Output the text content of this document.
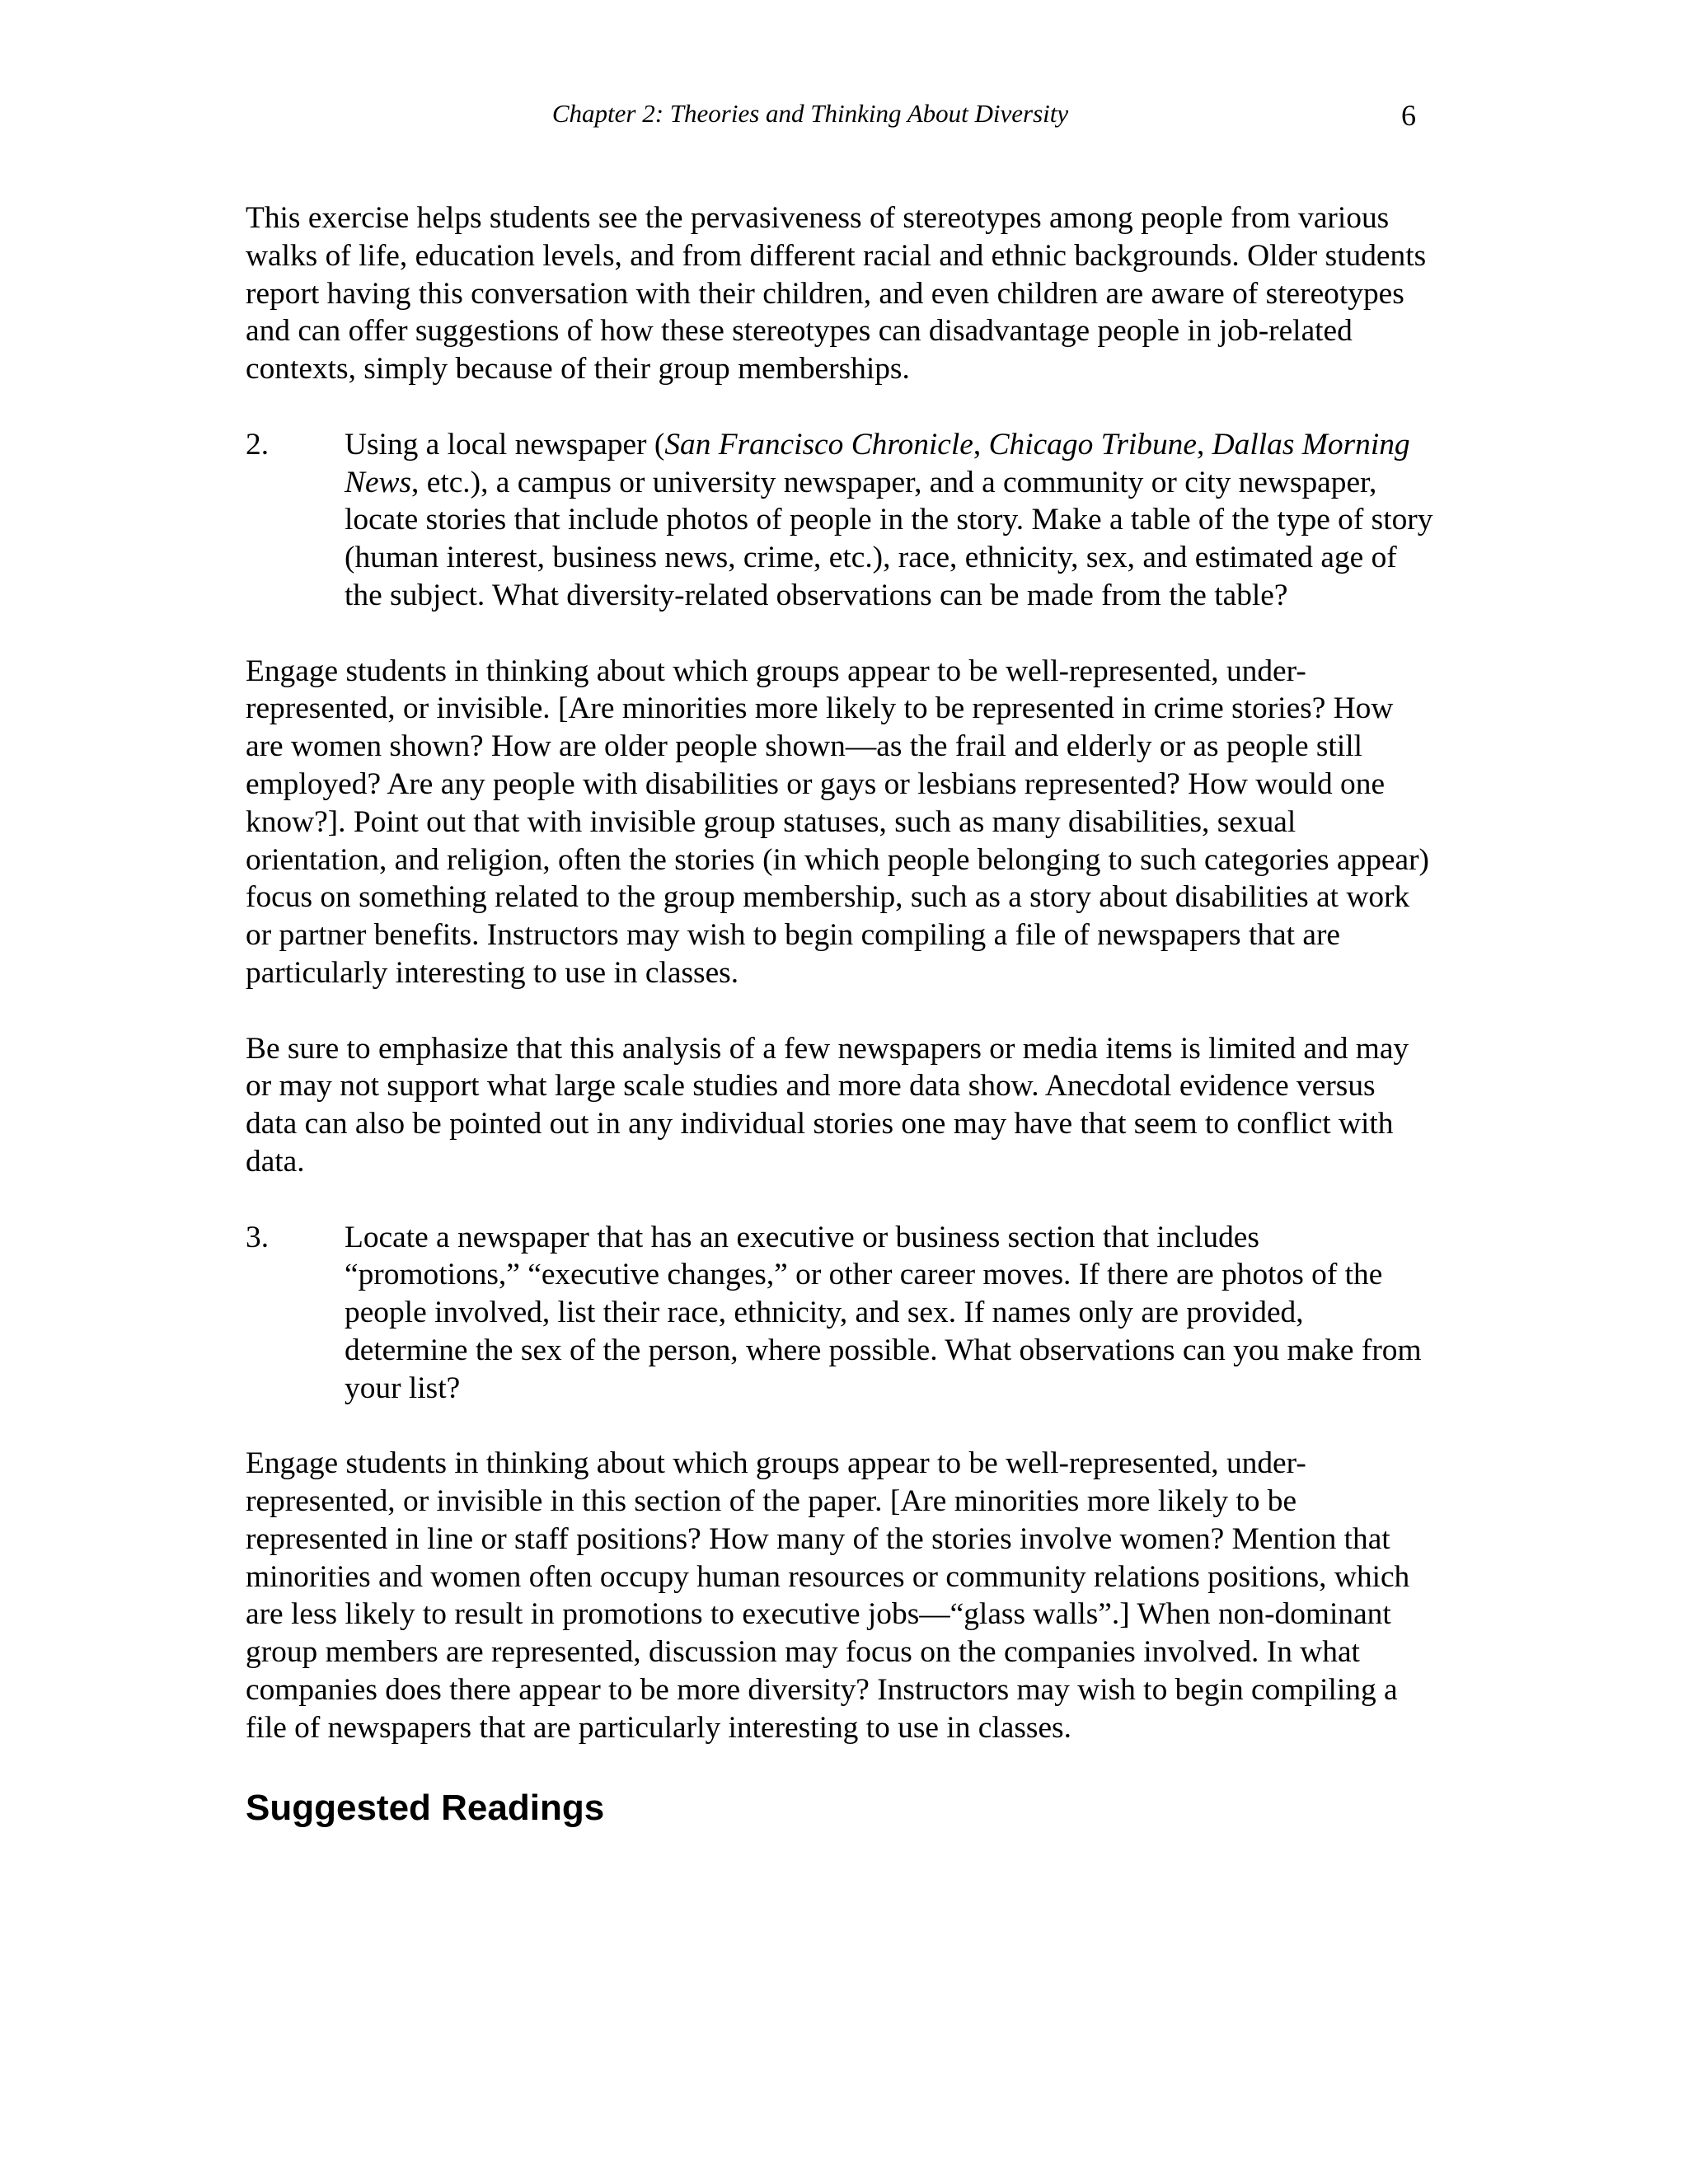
Chapter 2: Theories and Thinking About Diversity	6

This exercise helps students see the pervasiveness of stereotypes among people from various walks of life, education levels, and from different racial and ethnic backgrounds. Older students report having this conversation with their children, and even children are aware of stereotypes and can offer suggestions of how these stereotypes can disadvantage people in job-related contexts, simply because of their group memberships.

2.	Using a local newspaper (San Francisco Chronicle, Chicago Tribune, Dallas Morning News, etc.), a campus or university newspaper, and a community or city newspaper, locate stories that include photos of people in the story. Make a table of the type of story (human interest, business news, crime, etc.), race, ethnicity, sex, and estimated age of the subject. What diversity-related observations can be made from the table?

Engage students in thinking about which groups appear to be well-represented, under-represented, or invisible. [Are minorities more likely to be represented in crime stories? How are women shown? How are older people shown—as the frail and elderly or as people still employed? Are any people with disabilities or gays or lesbians represented? How would one know?]. Point out that with invisible group statuses, such as many disabilities, sexual orientation, and religion, often the stories (in which people belonging to such categories appear) focus on something related to the group membership, such as a story about disabilities at work or partner benefits. Instructors may wish to begin compiling a file of newspapers that are particularly interesting to use in classes.

Be sure to emphasize that this analysis of a few newspapers or media items is limited and may or may not support what large scale studies and more data show. Anecdotal evidence versus data can also be pointed out in any individual stories one may have that seem to conflict with data.

3.	Locate a newspaper that has an executive or business section that includes “promotions,” “executive changes,” or other career moves. If there are photos of the people involved, list their race, ethnicity, and sex. If names only are provided, determine the sex of the person, where possible. What observations can you make from your list?

Engage students in thinking about which groups appear to be well-represented, under-represented, or invisible in this section of the paper. [Are minorities more likely to be represented in line or staff positions? How many of the stories involve women? Mention that minorities and women often occupy human resources or community relations positions, which are less likely to result in promotions to executive jobs—“glass walls”.] When non-dominant group members are represented, discussion may focus on the companies involved. In what companies does there appear to be more diversity? Instructors may wish to begin compiling a file of newspapers that are particularly interesting to use in classes.

Suggested Readings
